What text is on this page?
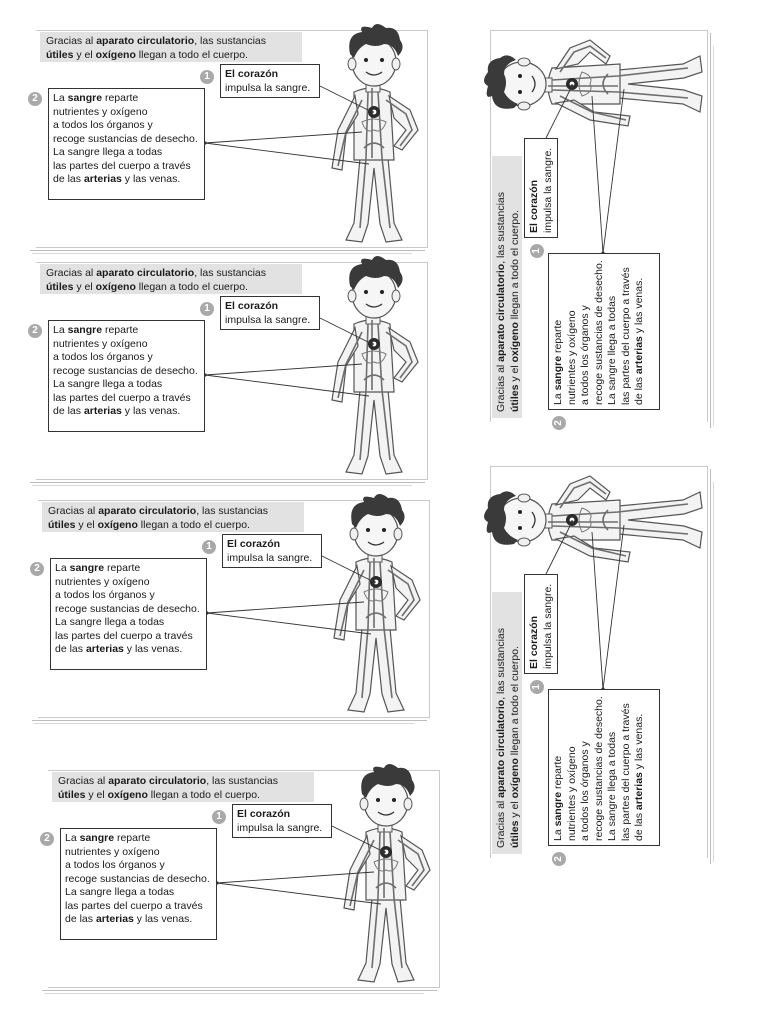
Gracias al aparato circulatorio, las sustancias
útiles y el oxígeno llegan a todo el cuerpo.
1	El corazón
impulsa la sangre.
2	La sangre reparte
nutrientes y oxígeno
a todos los órganos y
recoge sustancias de desecho.
La sangre llega a todas
las partes del cuerpo a través
de las arterias y las venas.
Gracias al aparato circulatorio, las sustancias
útiles y el oxígeno llegan a todo el cuerpo.
1	El corazón
impulsa la sangre.
2	La sangre reparte
nutrientes y oxígeno
a todos los órganos y
recoge sustancias de desecho.
La sangre llega a todas
las partes del cuerpo a través
de las arterias y las venas.
Gracias al aparato circulatorio, las sustancias
útiles y el oxígeno llegan a todo el cuerpo.
1	El corazón
impulsa la sangre.
2	La sangre reparte
nutrientes y oxígeno
a todos los órganos y
recoge sustancias de desecho.
La sangre llega a todas
las partes del cuerpo a través
de las arterias y las venas.
Gracias al aparato circulatorio, las sustancias
útiles y el oxígeno llegan a todo el cuerpo.
1	El corazón
impulsa la sangre.
2	La sangre reparte
nutrientes y oxígeno
a todos los órganos y
recoge sustancias de desecho.
La sangre llega a todas
las partes del cuerpo a través
de las arterias y las venas.
Gracias al aparato circulatorio, las sustancias
útiles y el oxígeno llegan a todo el cuerpo. 1
El corazón impulsa la sangre.
2
La sangre reparte nutrientes y oxígeno a todos los órganos y recoge sustancias de desecho. La sangre llega a todas las partes del cuerpo a través de las arterias y las venas.
Gracias al aparato circulatorio, las sustancias
útiles y el oxígeno llegan a todo el cuerpo. 1
El corazón impulsa la sangre.
2
La sangre reparte nutrientes y oxígeno a todos los órganos y recoge sustancias de desecho. La sangre llega a todas las partes del cuerpo a través de las arterias y las venas.
